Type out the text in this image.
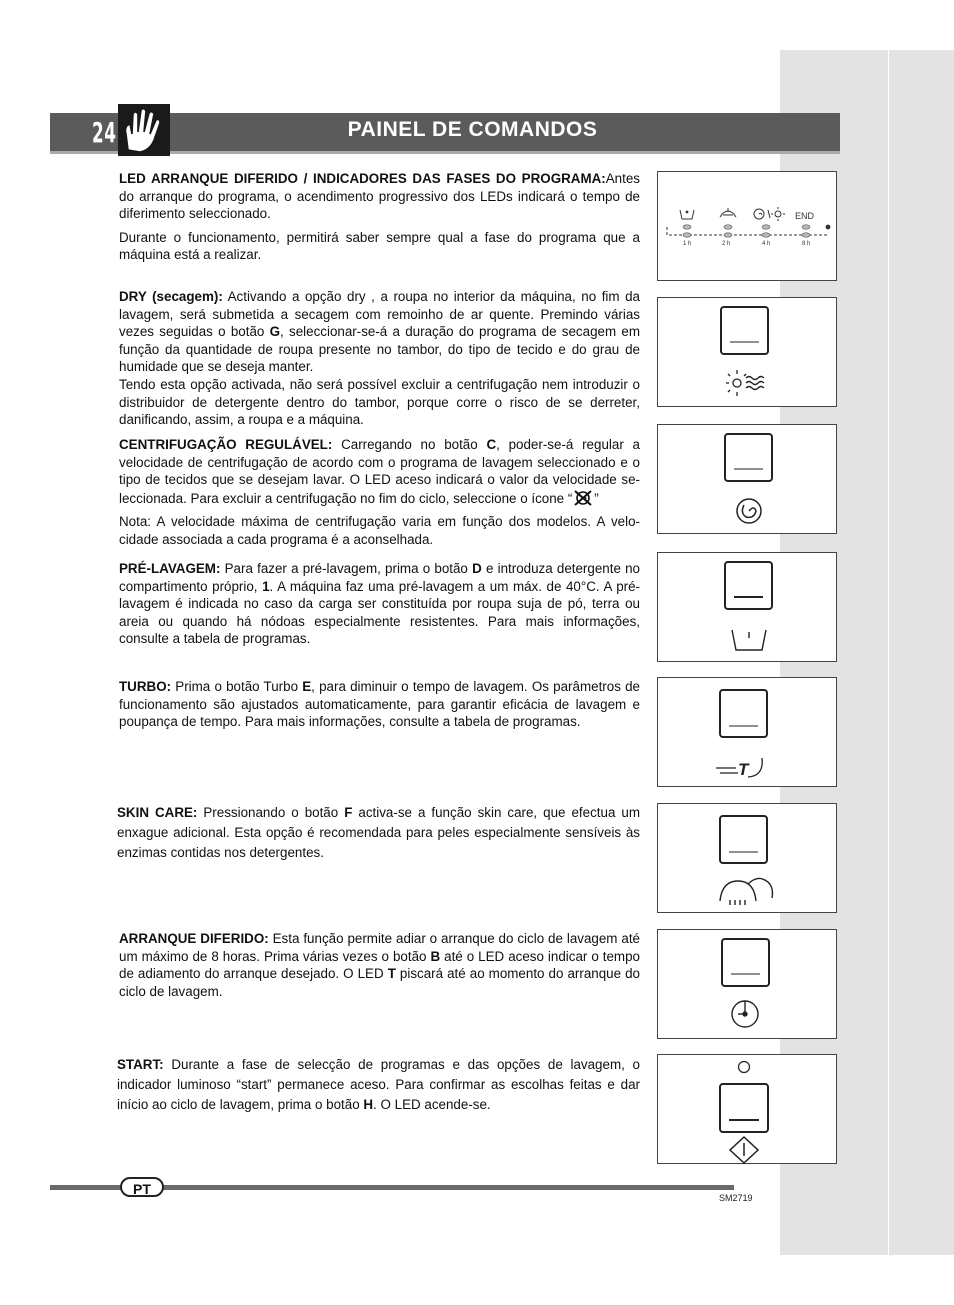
24	PAINEL DE COMANDOS

LED ARRANQUE DIFERIDO / INDICADORES DAS FASES DO PROGRAMA:Antes do arranque do programa, o acendimento progressivo dos LEDs indicará o tempo de diferimento seleccionado.

Durante o funcionamento, permitirá saber sempre qual a fase do programa que a máquina está a realizar.

DRY (secagem): Activando a opção dry , a roupa no interior da máquina, no fim da lavagem, será submetida a secagem com remoinho de ar quente. Premindo várias vezes seguidas o botão G, seleccionar-se-á a duração do programa de secagem em função da quantidade de roupa presente no tambor, do tipo de tecido e do grau de humidade que se deseja manter.

Tendo esta opção activada, não será possível excluir a centrifugação nem introduzir o distribuidor de detergente dentro do tambor, porque corre o risco de se derreter, danificando, assim, a roupa e a máquina.

CENTRIFUGAÇÃO REGULÁVEL: Carregando no botão C, poder-se-á regular a velocidade de centrifugação de acordo com o programa de lavagem seleccionado e o tipo de tecidos que se desejam lavar. O LED aceso indicará o valor da velocidade se-leccionada. Para excluir a centrifugação no fim do ciclo, seleccione o ícone “ ”

Nota: A velocidade máxima de centrifugação varia em função dos modelos. A velo-cidade associada a cada programa é a aconselhada.

PRÉ-LAVAGEM: Para fazer a pré-lavagem, prima o botão D e introduza detergente no compartimento próprio, 1. A máquina faz uma pré-lavagem a um máx. de 40°C. A pré-lavagem é indicada no caso da carga ser constituída por roupa suja de pó, terra ou areia ou quando há nódoas especialmente resistentes. Para mais informações, consulte a tabela de programas.

TURBO: Prima o botão Turbo E, para diminuir o tempo de lavagem. Os parâmetros de funcionamento são ajustados automaticamente, para garantir eficácia de lavagem e poupança de tempo. Para mais informações, consulte a tabela de programas.

SKIN CARE: Pressionando o botão F activa-se a função skin care, que efectua um enxague adicional. Esta opção é recomendada para peles especialmente sensíveis às enzimas contidas nos detergentes.

ARRANQUE DIFERIDO: Esta função permite adiar o arranque do ciclo de lavagem até um máximo de 8 horas. Prima várias vezes o botão B até o LED aceso indicar o tempo de adiamento do arranque desejado. O LED T piscará até ao momento do arranque do ciclo de lavagem.

START: Durante a fase de selecção de programas e das opções de lavagem, o indicador luminoso “start” permanece aceso. Para confirmar as escolhas feitas e dar início ao ciclo de lavagem, prima o botão H. O LED acende-se.

END
1 h	2 h	4 h	8 h
T
PT
SM2719
